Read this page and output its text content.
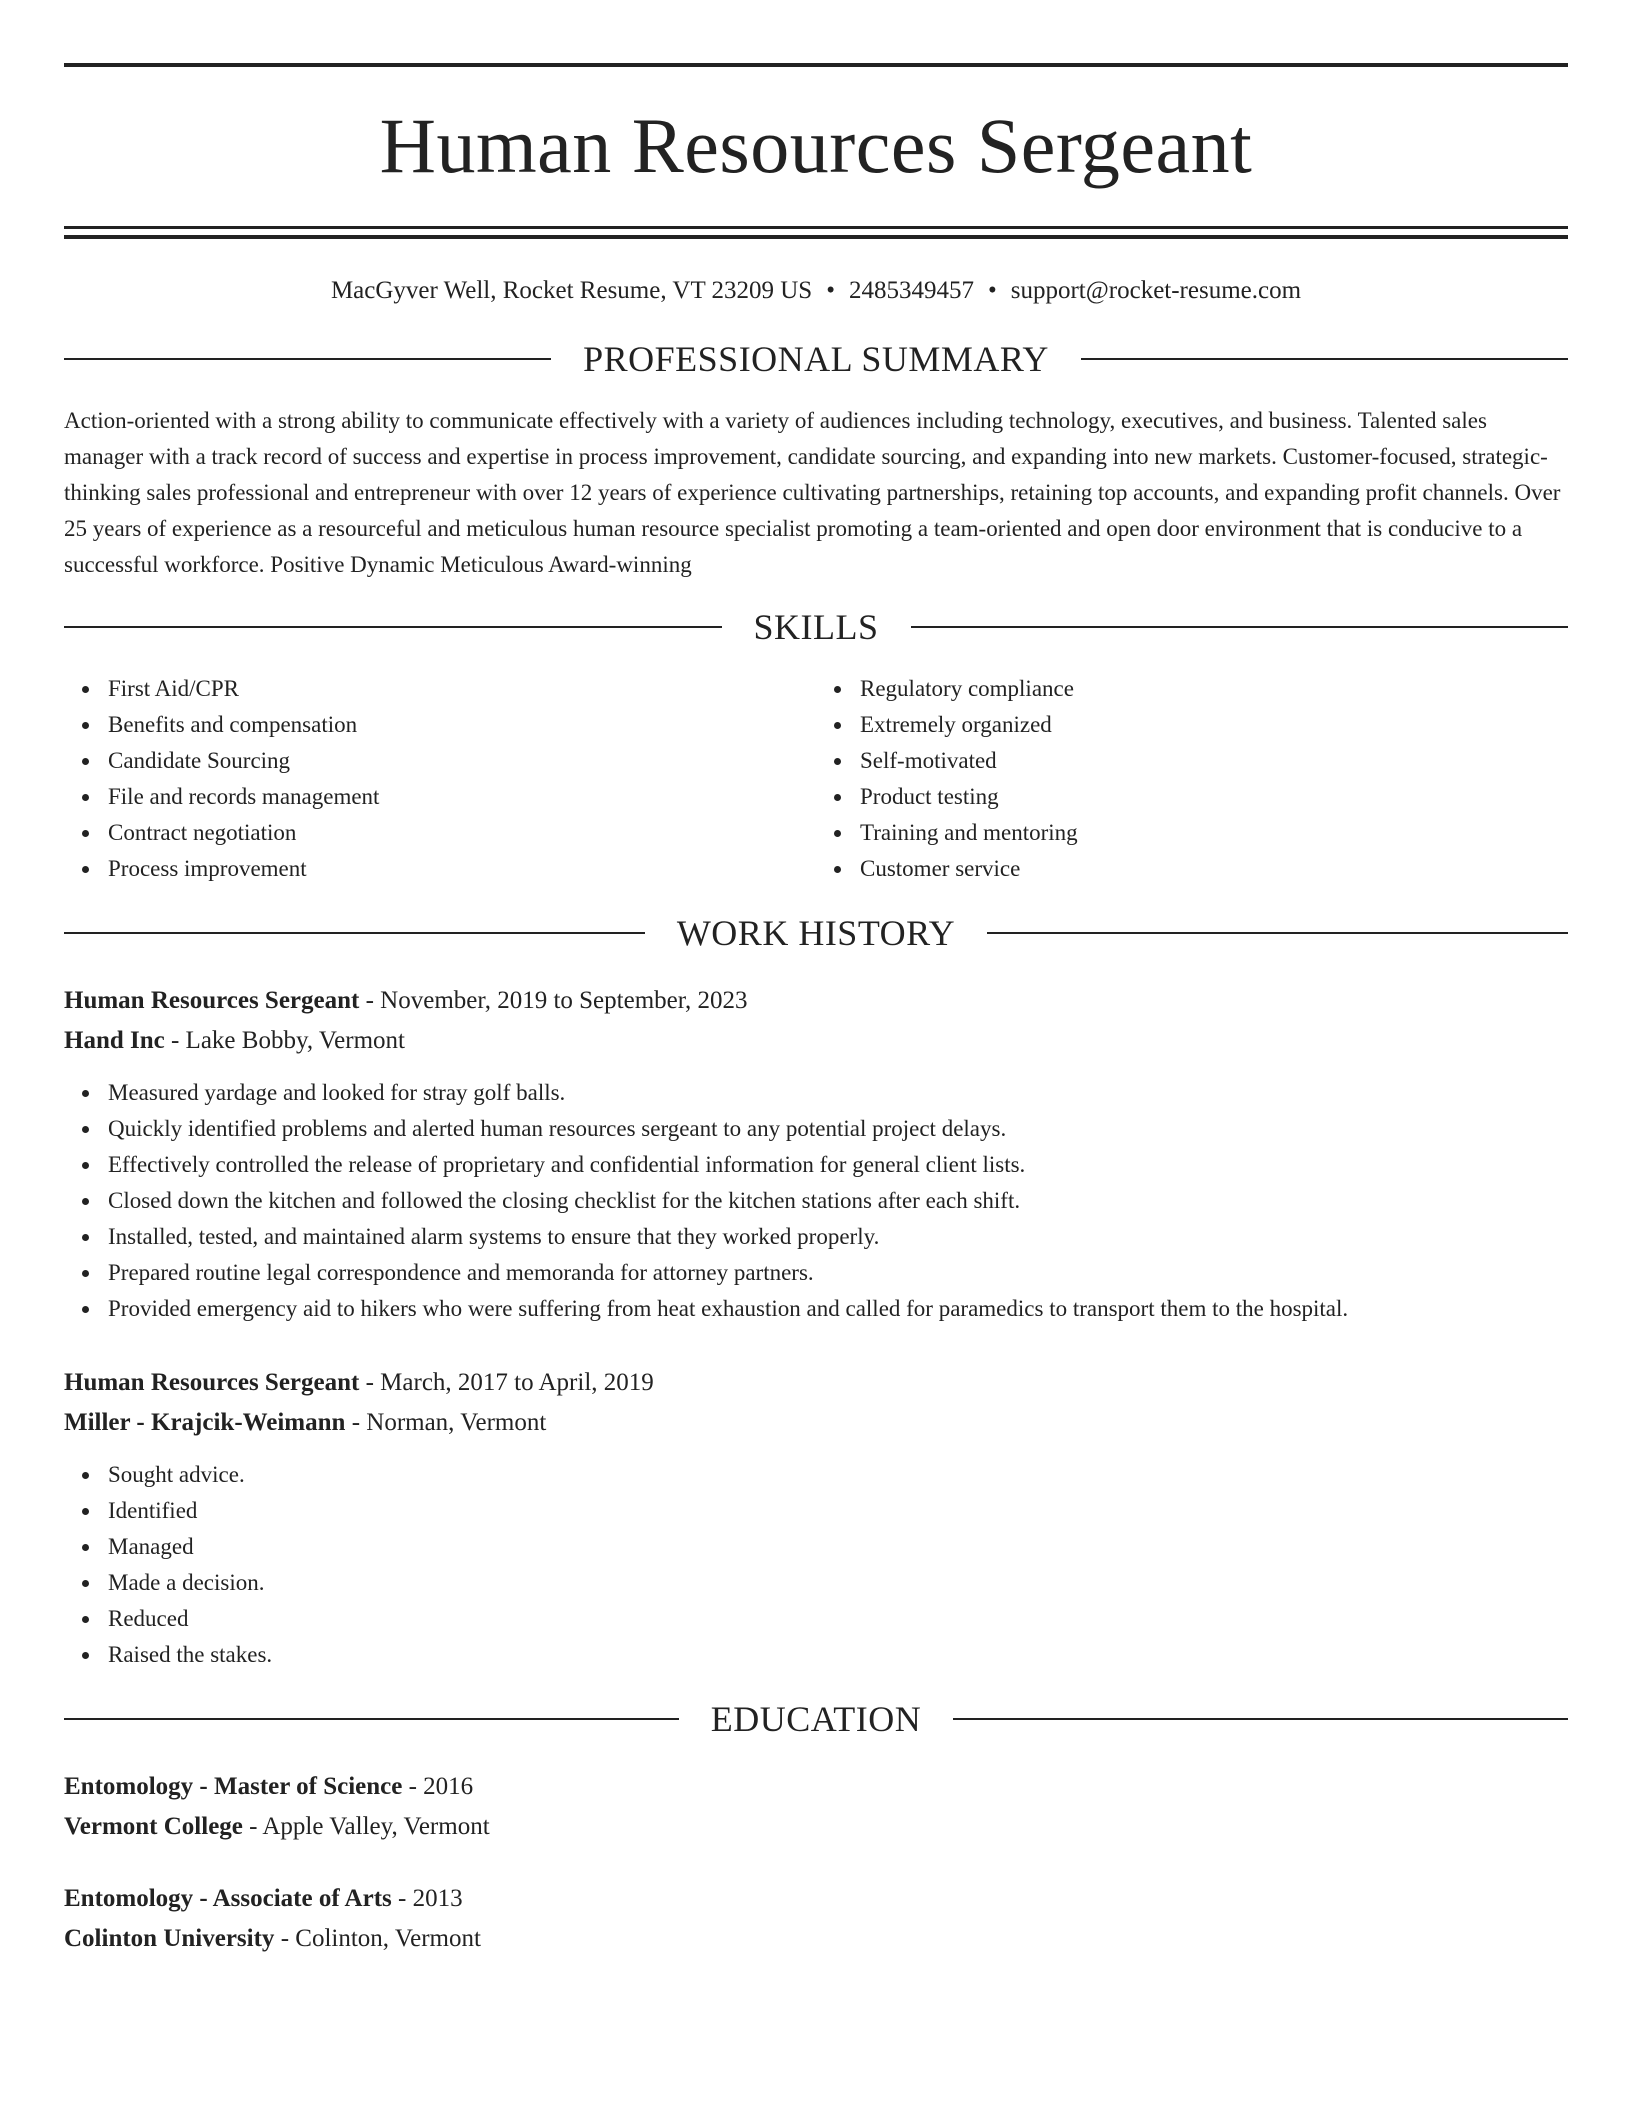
Human Resources Sergeant
MacGyver Well, Rocket Resume, VT 23209 US • 2485349457 • support@rocket-resume.com
PROFESSIONAL SUMMARY
Action-oriented with a strong ability to communicate effectively with a variety of audiences including technology, executives, and business. Talented sales manager with a track record of success and expertise in process improvement, candidate sourcing, and expanding into new markets. Customer-focused, strategic-thinking sales professional and entrepreneur with over 12 years of experience cultivating partnerships, retaining top accounts, and expanding profit channels. Over 25 years of experience as a resourceful and meticulous human resource specialist promoting a team-oriented and open door environment that is conducive to a successful workforce. Positive Dynamic Meticulous Award-winning
SKILLS
First Aid/CPR
Benefits and compensation
Candidate Sourcing
File and records management
Contract negotiation
Process improvement
Regulatory compliance
Extremely organized
Self-motivated
Product testing
Training and mentoring
Customer service
WORK HISTORY
Human Resources Sergeant - November, 2019 to September, 2023
Hand Inc - Lake Bobby, Vermont
Measured yardage and looked for stray golf balls.
Quickly identified problems and alerted human resources sergeant to any potential project delays.
Effectively controlled the release of proprietary and confidential information for general client lists.
Closed down the kitchen and followed the closing checklist for the kitchen stations after each shift.
Installed, tested, and maintained alarm systems to ensure that they worked properly.
Prepared routine legal correspondence and memoranda for attorney partners.
Provided emergency aid to hikers who were suffering from heat exhaustion and called for paramedics to transport them to the hospital.
Human Resources Sergeant - March, 2017 to April, 2019
Miller - Krajcik-Weimann - Norman, Vermont
Sought advice.
Identified
Managed
Made a decision.
Reduced
Raised the stakes.
EDUCATION
Entomology - Master of Science - 2016
Vermont College - Apple Valley, Vermont
Entomology - Associate of Arts - 2013
Colinton University - Colinton, Vermont
